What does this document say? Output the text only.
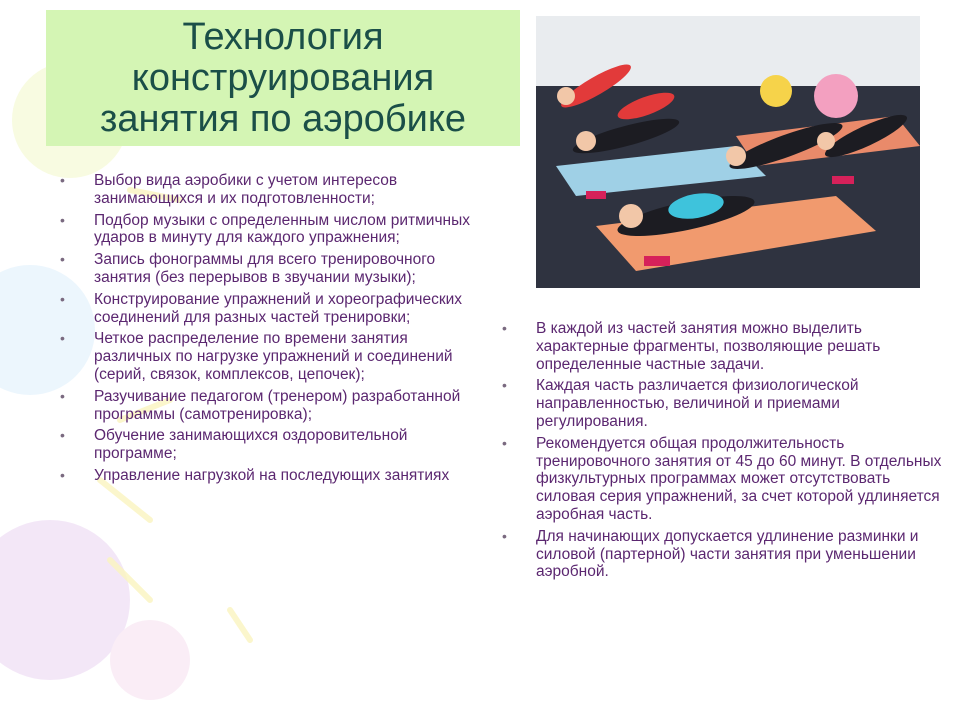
Технология
конструирования
занятия по аэробике
• Выбор вида аэробики с учетом интересов занимающихся и их подготовленности;
• Подбор музыки с определенным числом ритмичных ударов в минуту для каждого упражнения;
• Запись фонограммы для всего тренировочного занятия (без перерывов в звучании музыки);
• Конструирование упражнений и хореографических соединений для разных частей тренировки;
• Четкое распределение по времени занятия различных по нагрузке упражнений и соединений (серий, связок, комплексов, цепочек);
• Разучивание педагогом (тренером) разработанной программы (самотренировка);
• Обучение занимающихся оздоровительной программе;
• Управление нагрузкой на последующих занятиях
• В каждой из частей занятия можно выделить характерные фрагменты, позволяющие решать определенные частные задачи.
• Каждая часть различается физиологической направленностью, величиной и приемами регулирования.
• Рекомендуется общая продолжительность тренировочного занятия от 45 до 60 минут. В отдельных физкультурных программах может отсутствовать силовая серия упражнений, за счет которой удлиняется аэробная часть.
• Для начинающих допускается удлинение разминки и силовой (партерной) части занятия при уменьшении аэробной.
